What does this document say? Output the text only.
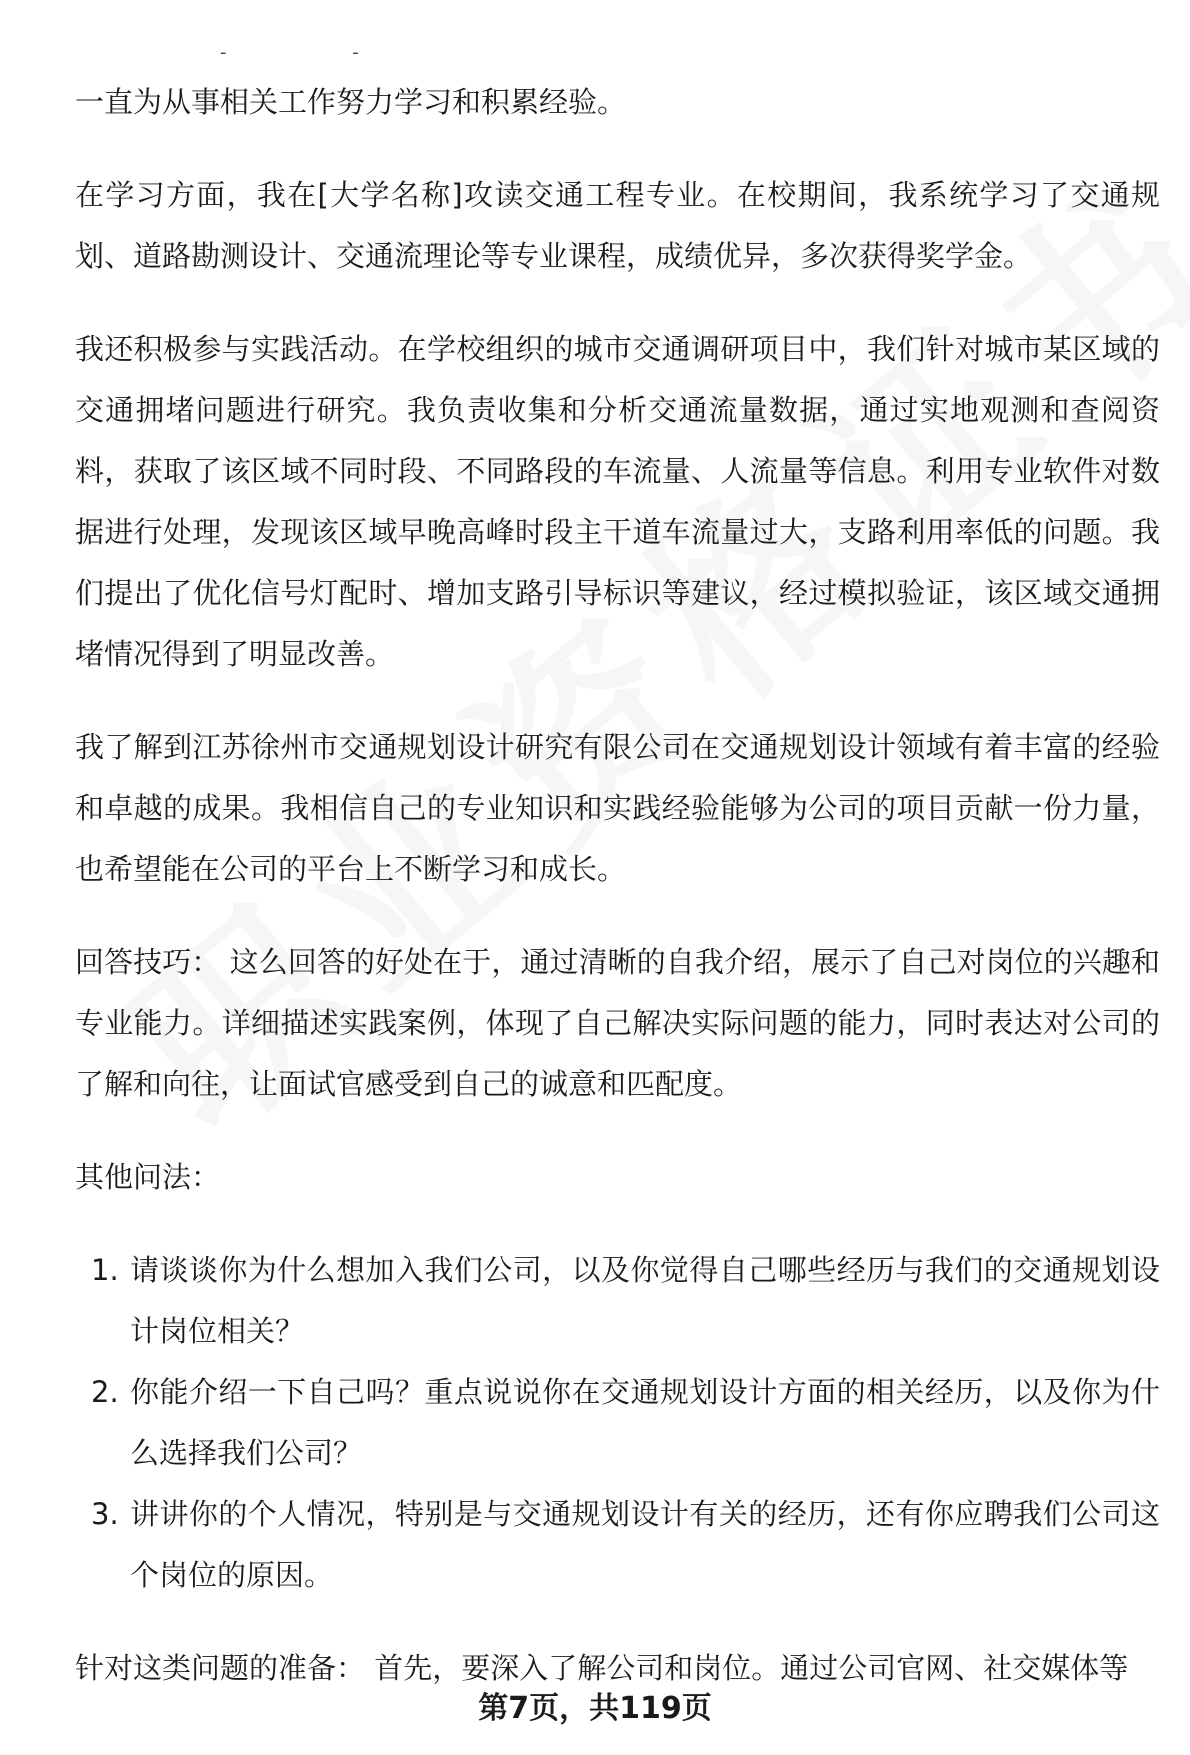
- -

一直为从事相关工作努力学习和积累经验。

在学习方面，我在[大学名称]攻读交通工程专业。在校期间，我系统学习了交通规划、道路勘测设计、交通流理论等专业课程，成绩优异，多次获得奖学金。

我还积极参与实践活动。在学校组织的城市交通调研项目中，我们针对城市某区域的交通拥堵问题进行研究。我负责收集和分析交通流量数据，通过实地观测和查阅资料，获取了该区域不同时段、不同路段的车流量、人流量等信息。利用专业软件对数据进行处理，发现该区域早晚高峰时段主干道车流量过大，支路利用率低的问题。我们提出了优化信号灯配时、增加支路引导标识等建议，经过模拟验证，该区域交通拥堵情况得到了明显改善。

我了解到江苏徐州市交通规划设计研究有限公司在交通规划设计领域有着丰富的经验和卓越的成果。我相信自己的专业知识和实践经验能够为公司的项目贡献一份力量，也希望能在公司的平台上不断学习和成长。

回答技巧： 这么回答的好处在于，通过清晰的自我介绍，展示了自己对岗位的兴趣和专业能力。详细描述实践案例，体现了自己解决实际问题的能力，同时表达对公司的了解和向往，让面试官感受到自己的诚意和匹配度。

其他问法：

1. 请谈谈你为什么想加入我们公司，以及你觉得自己哪些经历与我们的交通规划设计岗位相关？
2. 你能介绍一下自己吗？重点说说你在交通规划设计方面的相关经历，以及你为什么选择我们公司？
3. 讲讲你的个人情况，特别是与交通规划设计有关的经历，还有你应聘我们公司这个岗位的原因。

针对这类问题的准备： 首先，要深入了解公司和岗位。通过公司官网、社交媒体等

第7页，共119页
